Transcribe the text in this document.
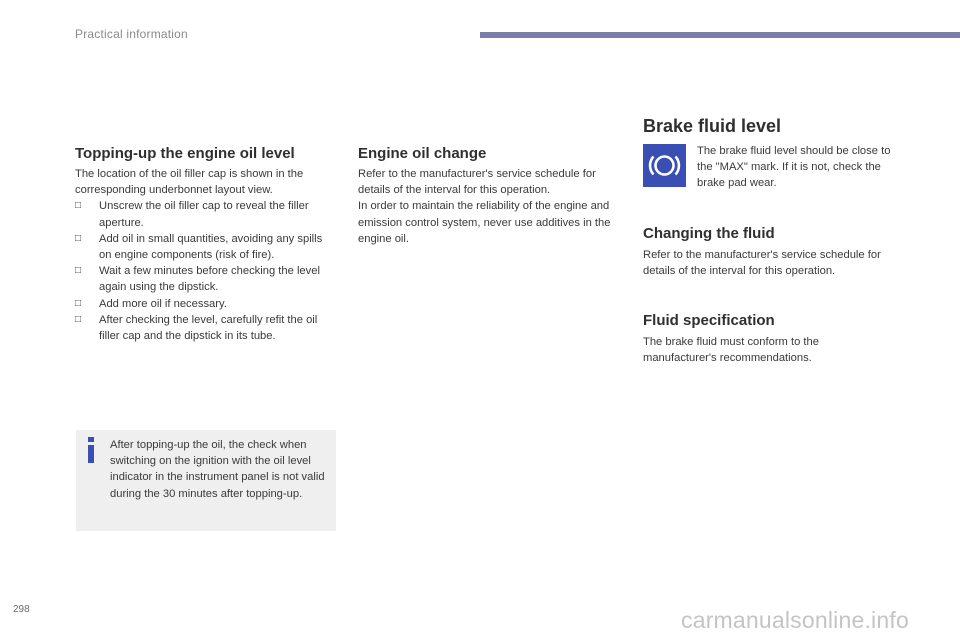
Practical information
Topping-up the engine oil level

The location of the oil filler cap is shown in the corresponding underbonnet layout view.

□ Unscrew the oil filler cap to reveal the filler aperture.
□ Add oil in small quantities, avoiding any spills on engine components (risk of fire).
□ Wait a few minutes before checking the level again using the dipstick.
□ Add more oil if necessary.
□ After checking the level, carefully refit the oil filler cap and the dipstick in its tube.
After topping-up the oil, the check when switching on the ignition with the oil level indicator in the instrument panel is not valid during the 30 minutes after topping-up.
Engine oil change

Refer to the manufacturer's service schedule for details of the interval for this operation.

In order to maintain the reliability of the engine and emission control system, never use additives in the engine oil.

Brake fluid level
The brake fluid level should be close to the "MAX" mark. If it is not, check the brake pad wear.
Changing the fluid
Refer to the manufacturer's service schedule for details of the interval for this operation.
Fluid specification
The brake fluid must conform to the manufacturer's recommendations.
298	carmanualsonline.info
